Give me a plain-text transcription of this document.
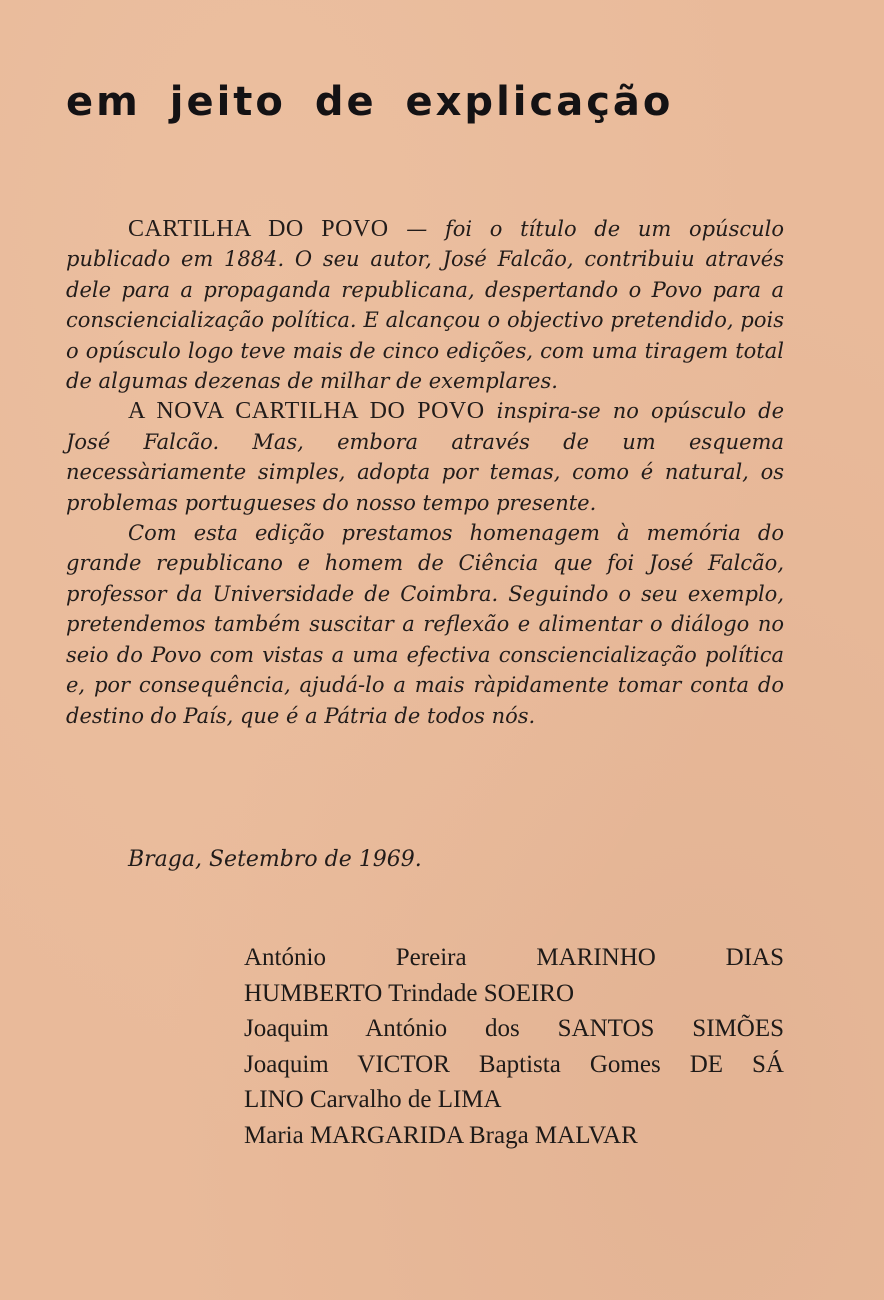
em jeito de explicação

CARTILHA DO POVO — foi o título de um opúsculo publicado em 1884. O seu autor, José Falcão, contribuiu através dele para a propaganda republicana, despertando o Povo para a consciencialização política. E alcançou o objectivo pretendido, pois o opúsculo logo teve mais de cinco edições, com uma tiragem total de algumas dezenas de milhar de exemplares.

A NOVA CARTILHA DO POVO inspira-se no opúsculo de José Falcão. Mas, embora através de um esquema necessàriamente simples, adopta por temas, como é natural, os problemas portugueses do nosso tempo presente.

Com esta edição prestamos homenagem à memória do grande republicano e homem de Ciência que foi José Falcão, professor da Universidade de Coimbra. Seguindo o seu exemplo, pretendemos também suscitar a reflexão e alimentar o diálogo no seio do Povo com vistas a uma efectiva consciencialização política e, por consequência, ajudá-lo a mais ràpidamente tomar conta do destino do País, que é a Pátria de todos nós.

Braga, Setembro de 1969.
António Pereira MARINHO DIAS
HUMBERTO Trindade SOEIRO
Joaquim António dos SANTOS SIMÕES
Joaquim VICTOR Baptista Gomes DE SÁ
LINO Carvalho de LIMA
Maria MARGARIDA Braga MALVAR
